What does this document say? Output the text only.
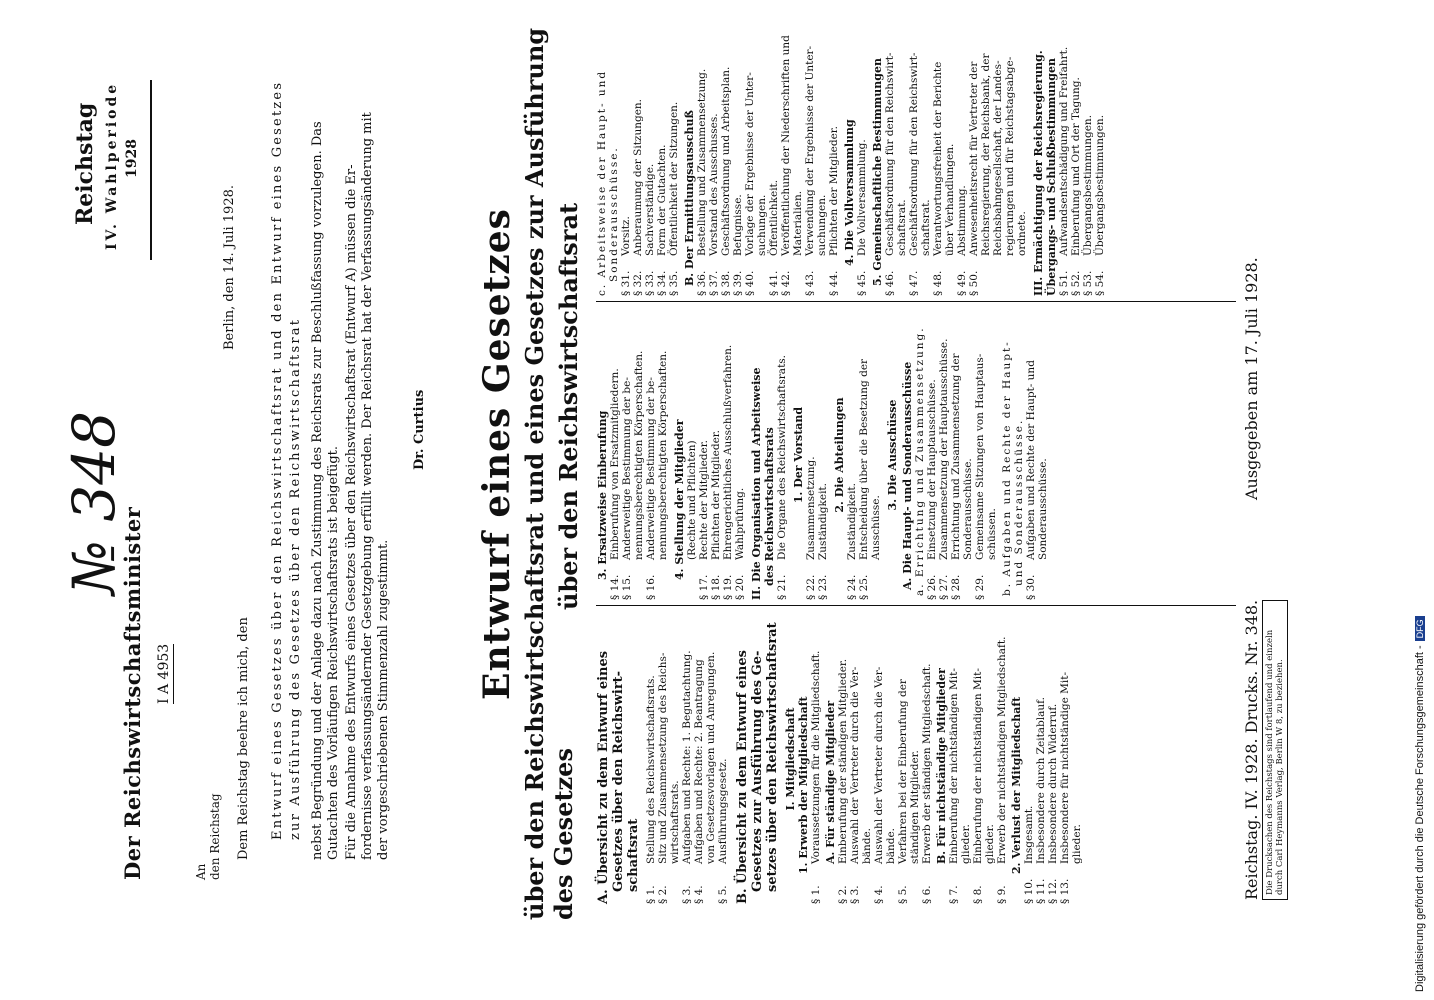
Der Reichswirtschaftsminister I A 4953
№ 348
Reichstag IV. Wahlperiode 1928
An den Reichstag
Berlin, den 14. Juli 1928.
Dem Reichstag beehre ich mich, den Entwurf eines Gesetzes über den Reichswirtschaftsrat und den Entwurf eines Gesetzes zur Ausführung des Gesetzes über den Reichswirtschaftsrat nebst Begründung und der Anlage dazu nach Zustimmung des Reichsrats zur Beschlußfassung vorzulegen. Das Gutachten des Vorläufigen Reichswirtschaftsrats ist beigefügt. Für die Annahme des Entwurfs eines Gesetzes über den Reichswirtschaftsrat (Entwurf A) müssen die Er- fordernisse verfassungsändernder Gesetzgebung erfüllt werden. Der Reichsrat hat der Verfassungsänderung mit der vorgeschriebenen Stimmenzahl zugestimmt.
Dr. Curtius Entwurf eines Gesetzes über den Reichswirtschaftsrat und eines Gesetzes zur Ausführung des Gesetzes
über den Reichswirtschaftsrat
A. Übersicht zu dem Entwurf eines Gesetzes über den Reichswirt- schaftsrat
§ 1.
Stellung des Reichswirtschaftsrats.
§ 2.
Sitz und Zusammensetzung des Reichs- wirtschaftsrats.
§ 3.
Aufgaben und Rechte: 1. Begutachtung.
§ 4.
Aufgaben und Rechte: 2. Beantragung von Gesetzesvorlagen und Anregungen.
§ 5.
Ausführungsgesetz. B. Übersicht zu dem Entwurf eines Gesetzes zur Ausführung des Ge- setzes über den Reichswirtschaftsrat I. Mitgliedschaft 1. Erwerb der Mitgliedschaft
§ 1.
Voraussetzungen für die Mitgliedschaft. A. Für ständige Mitglieder
§ 2.
Einberufung der ständigen Mitglieder.
§ 3.
Auswahl der Vertreter durch die Ver- bände.
§ 4.
Auswahl der Vertreter durch die Ver- bände.
§ 5.
Verfahren bei der Einberufung der ständigen Mitglieder.
§ 6.
Erwerb der ständigen Mitgliedschaft. B. Für nichtständige Mitglieder
§ 7.
Einberufung der nichtständigen Mit- glieder.
§ 8.
Einberufung der nichtständigen Mit- glieder.
§ 9.
Erwerb der nichtständigen Mitgliedschaft. 2. Verlust der Mitgliedschaft
§ 10.
Insgesamt.
§ 11.
Insbesondere durch Zeitablauf.
§ 12.
Insbesondere durch Widerruf.
§ 13.
Insbesondere für nichtständige Mit- glieder.
3. Ersatzweise Einberufung
§ 14.
Einberufung von Ersatzmitgliedern.
§ 15.
Anderweitige Bestimmung der be- nennungsberechtigten Körperschaften.
§ 16.
Anderweitige Bestimmung der be- nennungsberechtigten Körperschaften. 4. Stellung der Mitglieder (Rechte und Pflichten)
§ 17.
Rechte der Mitglieder.
§ 18.
Pflichten der Mitglieder.
§ 19.
Ehrengerichtliches Ausschlußverfahren.
§ 20.
Wahlprüfung. II. Die Organisation und Arbeitsweise des Reichswirtschaftsrats
§ 21.
Die Organe des Reichswirtschaftsrats. 1. Der Vorstand
§ 22.
Zusammensetzung.
§ 23.
Zuständigkeit.
2. Die Abteilungen
§ 24.
Zuständigkeit.
§ 25.
Entscheidung über die Besetzung der Ausschüsse.
3. Die Ausschüsse A. Die Haupt- und Sonderausschüsse a. Errichtung und Zusammensetzung. § 26.
Einsetzung der Hauptausschüsse.
§ 27.
Zusammensetzung der Hauptausschüsse.
§ 28.
Errichtung und Zusammensetzung der Sonderausschüsse.
§ 29.
Gemeinsame Sitzungen von Hauptaus- schüssen. b. Aufgaben und Rechte der Haupt- und Sonderausschüsse.
§ 30.
Aufgaben und Rechte der Haupt- und Sonderausschüsse.
c. Arbeitsweise der Haupt- und Sonderausschüsse.
§ 31.
Vorsitz.
§ 32.
Anberaumung der Sitzungen.
§ 33.
Sachverständige.
§ 34.
Form der Gutachten.
§ 35.
Öffentlichkeit der Sitzungen. B. Der Ermittlungsausschuß § 36.
Bestellung und Zusammensetzung.
§ 37.
Vorstand des Ausschusses.
§ 38.
Geschäftsordnung und Arbeitsplan.
§ 39.
Befugnisse.
§ 40.
Vorlage der Ergebnisse der Unter- suchungen.
§ 41.
Öffentlichkeit.
§ 42.
Veröffentlichung der Niederschriften und Materialien.
§ 43.
Verwendung der Ergebnisse der Unter- suchungen.
§ 44.
Pflichten der Mitglieder. 4. Die Vollversammlung
§ 45.
Die Vollversammlung. 5. Gemeinschaftliche Bestimmungen § 46.
Geschäftsordnung für den Reichswirt- schaftsrat.
§ 47.
Geschäftsordnung für den Reichswirt- schaftsrat.
§ 48.
Verantwortungsfreiheit der Berichte über Verhandlungen.
§ 49.
Abstimmung.
§ 50.
Anwesenheitsrecht für Vertreter der Reichsregierung, der Reichsbank, der Reichsbahngesellschaft, der Landes- regierungen und für Reichstagsabge- ordnete. III. Ermächtigung der Reichsregierung. Übergangs- und Schlußbestimmungen § 51.
Aufwandsentschädigung und Freifahrt.
§ 52.
Einberufung und Ort der Tagung.
§ 53.
Übergangsbestimmungen.
§ 54.
Übergangsbestimmungen.
Reichstag. IV. 1928. Drucks. Nr. 348.
Ausgegeben am 17. Juli 1928.
Die Drucksachen des Reichstags sind fortlaufend und einzeln durch Carl Heymanns Verlag, Berlin W 8, zu beziehen.	Digitalisierung gefördert durch die Deutsche Forschungsgemeinschaft -DFG
